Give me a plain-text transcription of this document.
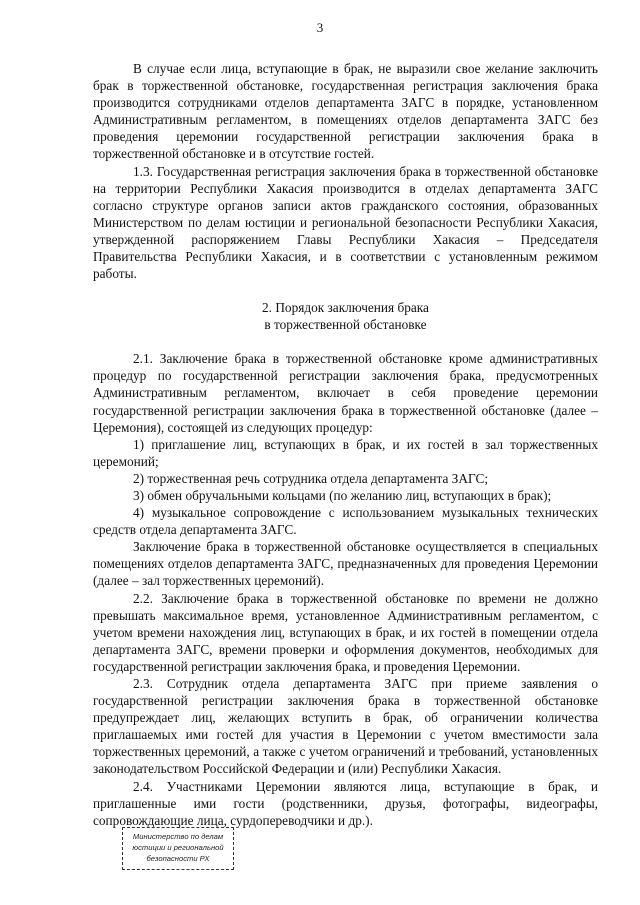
3

В случае если лица, вступающие в брак, не выразили свое желание заключить брак в торжественной обстановке, государственная регистрация заключения брака производится сотрудниками отделов департамента ЗАГС в порядке, установленном Административным регламентом, в помещениях отделов департамента ЗАГС без проведения церемонии государственной регистрации заключения брака в торжественной обстановке и в отсутствие гостей.

1.3. Государственная регистрация заключения брака в торжественной обстановке на территории Республики Хакасия производится в отделах департамента ЗАГС согласно структуре органов записи актов гражданского состояния, образованных Министерством по делам юстиции и региональной безопасности Республики Хакасия, утвержденной распоряжением Главы Республики Хакасия – Председателя Правительства Республики Хакасия, и в соответствии с установленным режимом работы.

2. Порядок заключения брака

в торжественной обстановке

2.1. Заключение брака в торжественной обстановке кроме административных процедур по государственной регистрации заключения брака, предусмотренных Административным регламентом, включает в себя проведение церемонии государственной регистрации заключения брака в торжественной обстановке (далее – Церемония), состоящей из следующих процедур:

1) приглашение лиц, вступающих в брак, и их гостей в зал торжественных церемоний;

2) торжественная речь сотрудника отдела департамента ЗАГС;

3) обмен обручальными кольцами (по желанию лиц, вступающих в брак);

4) музыкальное сопровождение с использованием музыкальных технических средств отдела департамента ЗАГС.

Заключение брака в торжественной обстановке осуществляется в специальных помещениях отделов департамента ЗАГС, предназначенных для проведения Церемонии (далее – зал торжественных церемоний).

2.2. Заключение брака в торжественной обстановке по времени не должно превышать максимальное время, установленное Административным регламентом, с учетом времени нахождения лиц, вступающих в брак, и их гостей в помещении отдела департамента ЗАГС, времени проверки и оформления документов, необходимых для государственной регистрации заключения брака, и проведения Церемонии.

2.3. Сотрудник отдела департамента ЗАГС при приеме заявления о государственной регистрации заключения брака в торжественной обстановке предупреждает лиц, желающих вступить в брак, об ограничении количества приглашаемых ими гостей для участия в Церемонии с учетом вместимости зала торжественных церемоний, а также с учетом ограничений и требований, установленных законодательством Российской Федерации и (или) Республики Хакасия.

2.4. Участниками Церемонии являются лица, вступающие в брак, и приглашенные ими гости (родственники, друзья, фотографы, видеографы, сопровождающие лица, сурдопереводчики и др.).

Министерство по делам
юстиции и региональной
безопасности РХ
